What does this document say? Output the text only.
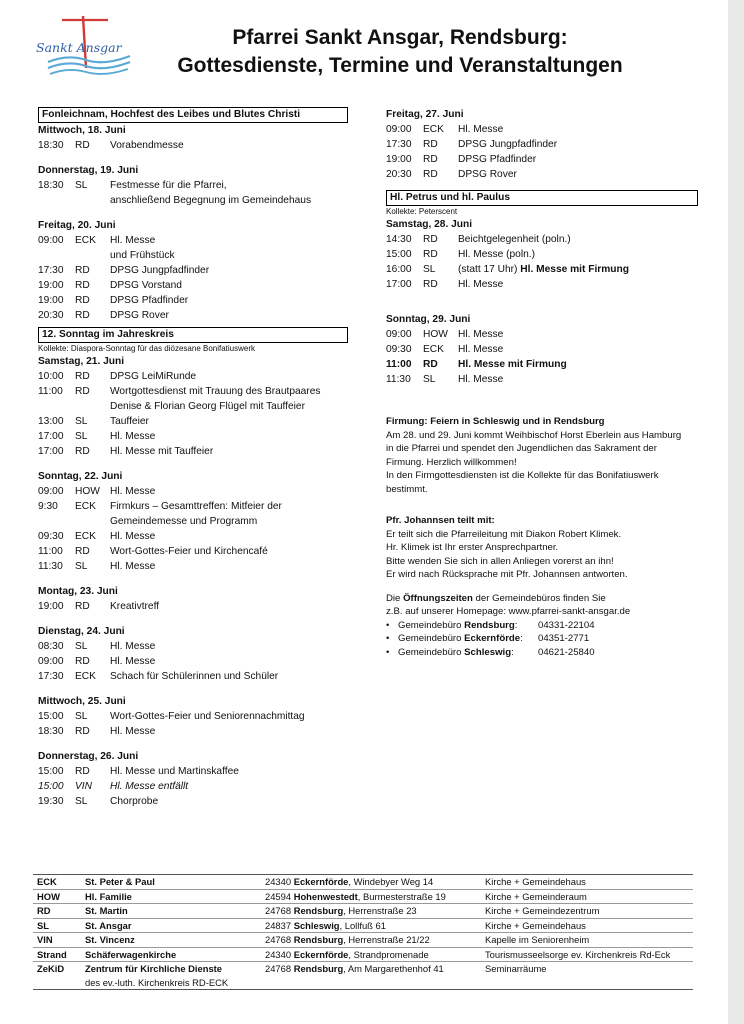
Sankt Ansgar	Pfarrei Sankt Ansgar, Rendsburg:
Gottesdienste, Termine und Veranstaltungen
Fonleichnam, Hochfest des Leibes und Blutes Christi
Mittwoch, 18. Juni
18:30	RD	Vorabendmesse
Donnerstag, 19. Juni
18:30	SL	Festmesse für die Pfarrei,
anschließend Begegnung im Gemeindehaus
Freitag, 20. Juni
09:00	ECK	Hl. Messe
und Frühstück
17:30	RD	DPSG Jungpfadfinder
19:00	RD	DPSG Vorstand
19:00	RD	DPSG Pfadfinder
20:30	RD	DPSG Rover
12. Sonntag im Jahreskreis
Kollekte: Diaspora-Sonntag für das diözesane Bonifatiuswerk
Samstag, 21. Juni
10:00	RD	DPSG LeiMiRunde
11:00	RD	Wortgottesdienst mit Trauung des Brautpaares
Denise & Florian Georg Flügel mit Tauffeier
13:00	SL	Tauffeier
17:00	SL	Hl. Messe
17:00	RD	Hl. Messe mit Tauffeier
Sonntag, 22. Juni
09:00	HOW Hl. Messe
9:30	ECK	Firmkurs – Gesamttreffen: Mitfeier der
Gemeindemesse und Programm
09:30	ECK	Hl. Messe
11:00	RD	Wort-Gottes-Feier und Kirchencafé
11:30	SL	Hl. Messe
Montag, 23. Juni
19:00	RD	Kreativtreff
Dienstag, 24. Juni
08:30	SL	Hl. Messe
09:00	RD	Hl. Messe
17:30	ECK	Schach für Schülerinnen und Schüler
Mittwoch, 25. Juni
15:00	SL	Wort-Gottes-Feier und Seniorennachmittag
18:30	RD	Hl. Messe
Donnerstag, 26. Juni
15:00	RD	Hl. Messe und Martinskaffee
15:00	VIN	Hl. Messe entfällt
19:30	SL	Chorprobe
Freitag, 27. Juni
09:00	ECK	Hl. Messe
17:30	RD	DPSG Jungpfadfinder
19:00	RD	DPSG Pfadfinder
20:30	RD	DPSG Rover
Hl. Petrus und hl. Paulus
Kollekte: Peterscent
Samstag, 28. Juni
14:30	RD	Beichtgelegenheit (poln.)
15:00	RD	Hl. Messe (poln.)
16:00	SL	(statt 17 Uhr) Hl. Messe mit Firmung
17:00	RD	Hl. Messe
Sonntag, 29. Juni
09:00	HOW Hl. Messe
09:30	ECK	Hl. Messe
11:00	RD	Hl. Messe mit Firmung
11:30	SL	Hl. Messe
Firmung: Feiern in Schleswig und in Rendsburg
Am 28. und 29. Juni kommt Weihbischof Horst Eberlein aus Hamburg
in die Pfarrei und spendet den Jugendlichen das Sakrament der
Firmung. Herzlich willkommen!
In den Firmgottesdiensten ist die Kollekte für das Bonifatiuswerk
bestimmt.
Pfr. Johannsen teilt mit:
Er teilt sich die Pfarreileitung mit Diakon Robert Klimek.
Hr. Klimek ist Ihr erster Ansprechpartner.
Bitte wenden Sie sich in allen Anliegen vorerst an ihn!
Er wird nach Rücksprache mit Pfr. Johannsen antworten.
Die Öffnungszeiten der Gemeindebüros finden Sie
z.B. auf unserer Homepage: www.pfarrei-sankt-ansgar.de
• Gemeindebüro Rendsburg:	04331-22104
• Gemeindebüro Eckernförde:	04351-2771
• Gemeindebüro Schleswig:	04621-25840
ECK	St. Peter & Paul	24340 Eckernförde, Windebyer Weg 14	Kirche + Gemeindehaus
HOW	Hl. Familie	24594 Hohenwestedt, Burmesterstraße 19	Kirche + Gemeinderaum
RD	St. Martin	24768 Rendsburg, Herrenstraße 23	Kirche + Gemeindezentrum
SL	St. Ansgar	24837 Schleswig, Lollfuß 61	Kirche + Gemeindehaus
VIN	St. Vincenz	24768 Rendsburg, Herrenstraße 21/22	Kapelle im Seniorenheim
Strand	Schäferwagenkirche	24340 Eckernförde, Strandpromenade	Tourismusseelsorge ev. Kirchenkreis Rd-Eck
ZeKiD	Zentrum für Kirchliche Dienste
des ev.-luth. Kirchenkreis RD-ECK	24768 Rendsburg, Am Margarethenhof 41	Seminarräume
